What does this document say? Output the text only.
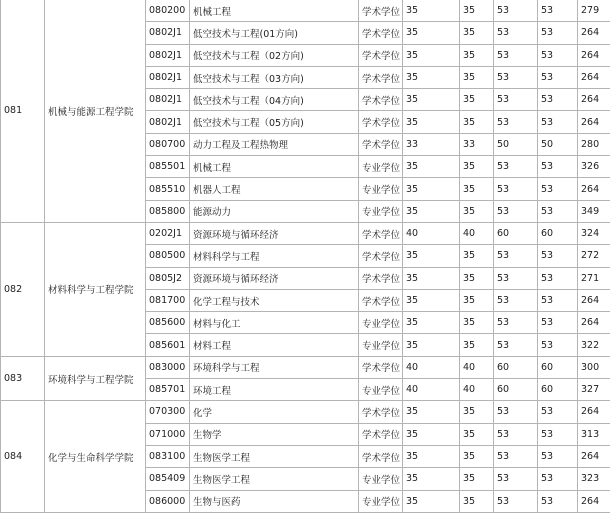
081	机械与能源工程学院	080200	机械工程	学术学位	35	35	53	53	279
		0802J1	低空技术与工程(01方向)	学术学位	35	35	53	53	264
		0802J1	低空技术与工程（02方向)	学术学位	35	35	53	53	264
		0802J1	低空技术与工程（03方向)	学术学位	35	35	53	53	264
		0802J1	低空技术与工程（04方向)	学术学位	35	35	53	53	264
		0802J1	低空技术与工程（05方向)	学术学位	35	35	53	53	264
		080700	动力工程及工程热物理	学术学位	33	33	50	50	280
		085501	机械工程	专业学位	35	35	53	53	326
		085510	机器人工程	专业学位	35	35	53	53	264
		085800	能源动力	专业学位	35	35	53	53	349
082	材料科学与工程学院	0202J1	资源环境与循环经济	学术学位	40	40	60	60	324
		080500	材料科学与工程	学术学位	35	35	53	53	272
		0805J2	资源环境与循环经济	学术学位	35	35	53	53	271
		081700	化学工程与技术	学术学位	35	35	53	53	264
		085600	材料与化工	专业学位	35	35	53	53	264
		085601	材料工程	专业学位	35	35	53	53	322
083	环境科学与工程学院	083000	环境科学与工程	学术学位	40	40	60	60	300
		085701	环境工程	专业学位	40	40	60	60	327
084	化学与生命科学学院	070300	化学	学术学位	35	35	53	53	264
		071000	生物学	学术学位	35	35	53	53	313
		083100	生物医学工程	学术学位	35	35	53	53	264
		085409	生物医学工程	专业学位	35	35	53	53	323
		086000	生物与医药	专业学位	35	35	53	53	264
